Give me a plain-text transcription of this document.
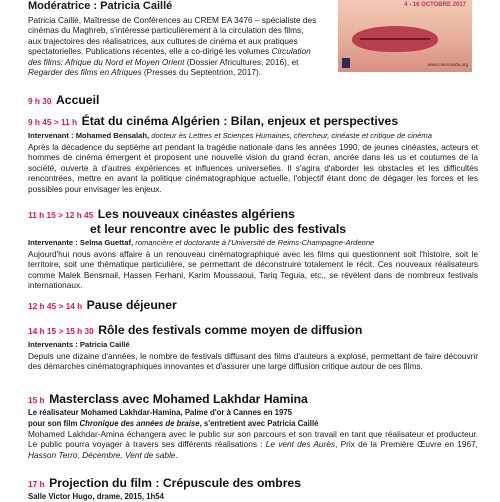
Modératrice : Patricia Caillé

Patricia Caillé, Maîtresse de Conférences au CREM EA 3476 – spécialiste des cinémas du Maghreb, s'intéresse particulièrement à la circulation des films, aux trajectoires des réalisatrices, aux cultures de cinéma et aux pratiques spectatorielles. Publications récentes, elle a co-dirigé les volumes Circulation des films: Afrique du Nord et Moyen Orient (Dossier Africultures, 2016), et Regarder des films en Afriques (Presses du Septentrion, 2017).

4 › 16 OCTOBRE 2017
www.cinemasdu.org

9 h 30 Accueil

9 h 45 > 11 h État du cinéma Algérien : Bilan, enjeux et perspectives

Intervenant : Mohamed Bensalah, docteur ès Lettres et Sciences Humaines, chercheur, cinéaste et critique de cinéma

Après la décadence du septième art pendant la tragédie nationale dans les années 1990, de jeunes cinéastes, acteurs et hommes de cinéma émergent et proposent une nouvelle vision du grand écran, ancrée dans les us et coutumes de la société, ouverte à d'autres expériences et influences universelles. Il s'agira d'aborder les obstacles et les difficultés rencontrées, mettre en avant la politique cinématographique actuelle, l'objectif étant donc de dégager les forces et les possibles pour envisager les enjeux.

11 h 15 > 12 h 45 Les nouveaux cinéastes algériens

et leur rencontre avec le public des festivals

Intervenante : Selma Guettaf, romancière et doctorante à l'Université de Reims-Champagne-Ardenne

Aujourd'hui nous avons affaire à un renouveau cinématographique avec les films qui questionnent soit l'histoire, soit le territoire, soit une thématique particulière, se permettant de déconstruire totalement le récit. Ces nouveaux réalisateurs comme Malek Bensmail, Hassen Ferhani, Karim Moussaoui, Tariq Teguia, etc., se révèlent dans de nombreux festivals internationaux.

12 h 45 > 14 h Pause déjeuner

14 h 15 > 15 h 30 Rôle des festivals comme moyen de diffusion

Intervenants : Patricia Caillé

Depuis une dizaine d'années, le nombre de festivals diffusant des films d'auteurs a explosé, permettant de faire découvrir des démarches cinématographiques innovantes et d'assurer une large diffusion critique autour de ces films.

15 h Masterclass avec Mohamed Lakhdar Hamina

Le réalisateur Mohamed Lakhdar-Hamina, Palme d'or à Cannes en 1975

pour son film Chronique des années de braise, s'entretient avec Patricia Caillé

Mohamed Lakhdar-Amina échangera avec le public sur son parcours et son travail en tant que réalisateur et producteur. Le public pourra voyager à travers ses différents réalisations : Le vent des Aurès, Prix de la Première Œuvre en 1967, Hasson Terro, Décembre, Vent de sable.

17 h Projection du film : Crépuscule des ombres

Salle Victor Hugo, drame, 2015, 1h54
